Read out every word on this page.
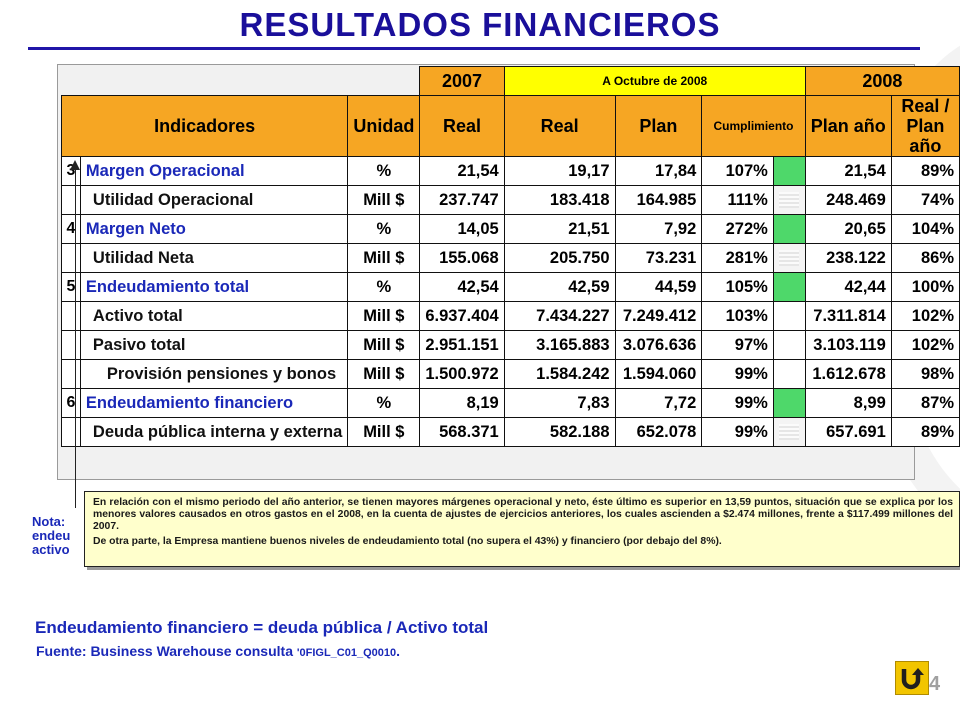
RESULTADOS FINANCIEROS
			2007	A Octubre de 2008				2008	
Indicadores		Unidad	Real	Real	Plan	Cumplimiento		Plan año	Real /
Plan año
3	Margen Operacional	%	21,54	19,17	17,84	107%		21,54	89%
	Utilidad Operacional	Mill $	237.747	183.418	164.985	111%		248.469	74%
4	Margen Neto	%	14,05	21,51	7,92	272%		20,65	104%
	Utilidad Neta	Mill $	155.068	205.750	73.231	281%		238.122	86%
5	Endeudamiento total	%	42,54	42,59	44,59	105%		42,44	100%
	Activo total	Mill $	6.937.404	7.434.227	7.249.412	103%		7.311.814	102%
	Pasivo total	Mill $	2.951.151	3.165.883	3.076.636	97%		3.103.119	102%
	Provisión pensiones y bonos	Mill $	1.500.972	1.584.242	1.594.060	99%		1.612.678	98%
6	Endeudamiento financiero	%	8,19	7,83	7,72	99%		8,99	87%
	Deuda pública interna y externa	Mill $	568.371	582.188	652.078	99%		657.691	89%
Nota:
endeu
activo

En relación con el mismo periodo del año anterior, se tienen mayores márgenes operacional y neto, éste último es superior en 13,59 puntos, situación que se explica por los menores valores causados en otros gastos en el 2008, en la cuenta de ajustes de ejercicios anteriores, los cuales ascienden a $2.474 millones, frente a $117.499 millones del 2007.

De otra parte, la Empresa mantiene buenos niveles de endeudamiento total (no supera el 43%) y financiero (por debajo del 8%).

Endeudamiento financiero = deuda pública / Activo total
Fuente: Business Warehouse consulta '0FIGL_C01_Q0010.
4
